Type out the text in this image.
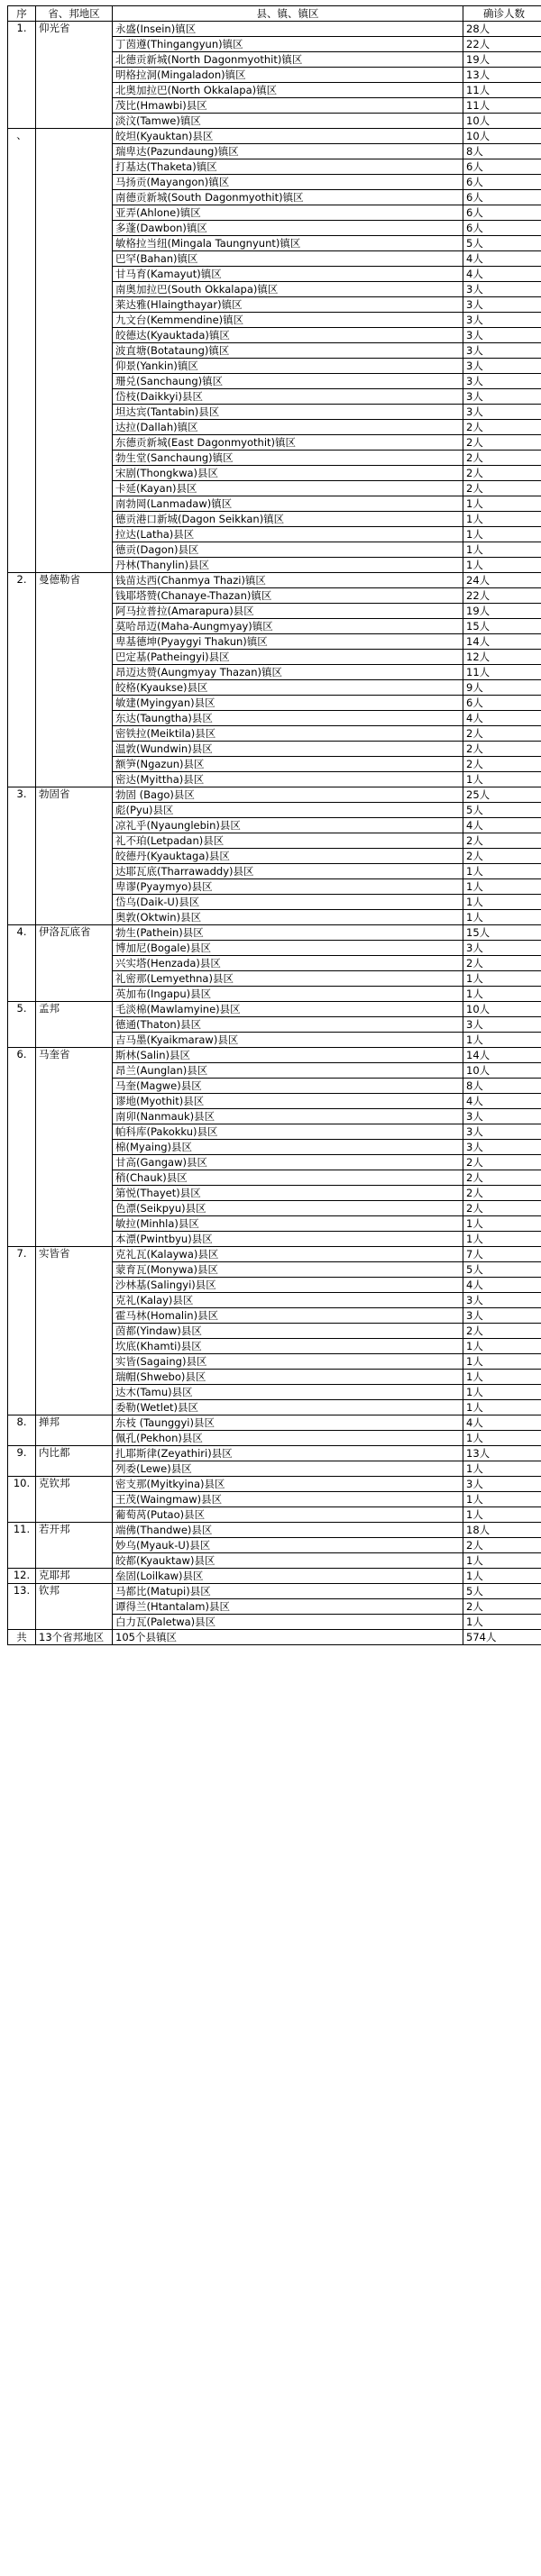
序	省、邦地区	县、镇、镇区	确诊人数
1.	仰光省	永盛(Insein)镇区	28人
		丁茵遵(Thingangyun)镇区	22人
		北德贡新城(North Dagonmyothit)镇区	19人
		明格拉洞(Mingaladon)镇区	13人
		北奥加拉巴(North Okkalapa)镇区	11人
		茂比(Hmawbi)县区	11人
		淡汶(Tamwe)镇区	10人
、		皎坦(Kyauktan)县区	10人
		瑞卑达(Pazundaung)镇区	8人
		打基达(Thaketa)镇区	6人
		马扬贡(Mayangon)镇区	6人
		南德贡新城(South Dagonmyothit)镇区	6人
		亚弄(Ahlone)镇区	6人
		多蓬(Dawbon)镇区	6人
		敏格拉当纽(Mingala Taungnyunt)镇区	5人
		巴罕(Bahan)镇区	4人
		甘马育(Kamayut)镇区	4人
		南奥加拉巴(South Okkalapa)镇区	3人
		莱达雅(Hlaingthayar)镇区	3人
		九文台(Kemmendine)镇区	3人
		皎德达(Kyauktada)镇区	3人
		波直塘(Botataung)镇区	3人
		仰景(Yankin)镇区	3人
		珊兑(Sanchaung)镇区	3人
		岱枝(Daikkyi)县区	3人
		坦达宾(Tantabin)县区	3人
		达拉(Dallah)镇区	2人
		东德贡新城(East Dagonmyothit)镇区	2人
		勃生堂(Sanchaung)镇区	2人
		宋剧(Thongkwa)县区	2人
		卡延(Kayan)县区	2人
		南勃岡(Lanmadaw)镇区	1人
		德贡港口新城(Dagon Seikkan)镇区	1人
		拉达(Latha)县区	1人
		德贡(Dagon)县区	1人
		丹林(Thanylin)县区	1人
2.	曼德勒省	钱苗达西(Chanmya Thazi)镇区	24人
		钱耶塔赞(Chanaye-Thazan)镇区	22人
		阿马拉普拉(Amarapura)县区	19人
		莫哈昂迈(Maha-Aungmyay)镇区	15人
		卑基德坤(Pyaygyi Thakun)镇区	14人
		巴定基(Patheingyi)县区	12人
		昂迈达赞(Aungmyay Thazan)镇区	11人
		皎格(Kyaukse)县区	9人
		敏建(Myingyan)县区	6人
		东达(Taungtha)县区	4人
		密铁拉(Meiktila)县区	2人
		温敦(Wundwin)县区	2人
		额笋(Ngazun)县区	2人
		密达(Myittha)县区	1人
3.	勃固省	勃固 (Bago)县区	25人
		彪(Pyu)县区	5人
		凉礼乎(Nyaunglebin)县区	4人
		礼不珀(Letpadan)县区	2人
		皎德丹(Kyauktaga)县区	2人
		达耶瓦底(Tharrawaddy)县区	1人
		卑谬(Pyaymyo)县区	1人
		岱乌(Daik-U)县区	1人
		奥敦(Oktwin)县区	1人
4.	伊洛瓦底省	勃生(Pathein)县区	15人
		博加尼(Bogale)县区	3人
		兴实塔(Henzada)县区	2人
		礼密那(Lemyethna)县区	1人
		英加布(Ingapu)县区	1人
5.	孟邦	毛淡棉(Mawlamyine)县区	10人
		德通(Thaton)县区	3人
		吉马墨(Kyaikmaraw)县区	1人
6.	马奎省	斯林(Salin)县区	14人
		昂兰(Aunglan)县区	10人
		马奎(Magwe)县区	8人
		谬地(Myothit)县区	4人
		南卯(Nanmauk)县区	3人
		帕科库(Pakokku)县区	3人
		棉(Myaing)县区	3人
		甘高(Gangaw)县区	2人
		稍(Chauk)县区	2人
		第悦(Thayet)县区	2人
		色漂(Seikpyu)县区	2人
		敏拉(Minhla)县区	1人
		本漂(Pwintbyu)县区	1人
7.	实皆省	克礼瓦(Kalaywa)县区	7人
		蒙育瓦(Monywa)县区	5人
		沙林基(Salingyi)县区	4人
		克礼(Kalay)县区	3人
		霍马林(Homalin)县区	3人
		茵都(Yindaw)县区	2人
		坎底(Khamti)县区	1人
		实皆(Sagaing)县区	1人
		瑞帽(Shwebo)县区	1人
		达木(Tamu)县区	1人
		委勒(Wetlet)县区	1人
8.	掸邦	东枝 (Taunggyi)县区	4人
		佩孔(Pekhon)县区	1人
9.	内比都	扎耶斯律(Zeyathiri)县区	13人
		列委(Lewe)县区	1人
10.	克钦邦	密支那(Myitkyina)县区	3人
		王茂(Waingmaw)县区	1人
		葡萄莴(Putao)县区	1人
11.	若开邦	端佛(Thandwe)县区	18人
		妙乌(Myauk-U)县区	2人
		皎都(Kyauktaw)县区	1人
12.	克耶邦	垒固(Loilkaw)县区	1人
13.	钦邦	马都比(Matupi)县区	5人
		谭得兰(Htantalam)县区	2人
		白力瓦(Paletwa)县区	1人
共	13个省邦地区	105个县镇区	574人
